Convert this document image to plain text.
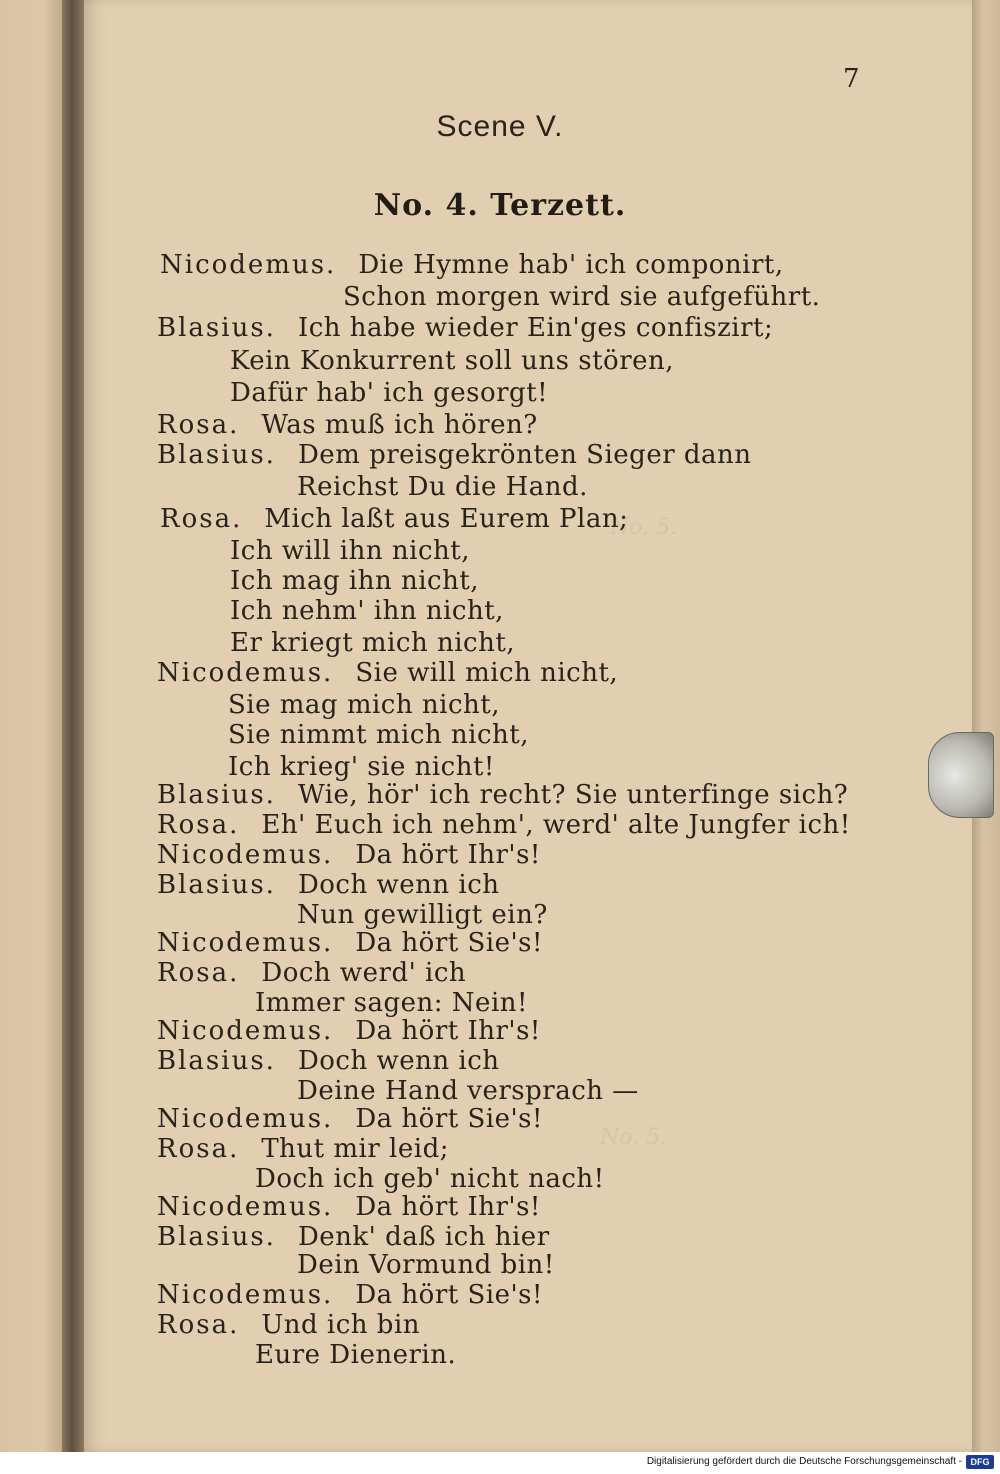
No. 5.
No. 5.
7
Scene V.
No. 4. Terzett.
Nicodemus. Die Hymne hab' ich componirt,
Schon morgen wird sie aufgeführt.
Blasius. Ich habe wieder Ein'ges confiszirt;
Kein Konkurrent soll uns stören,
Dafür hab' ich gesorgt!
Rosa. Was muß ich hören?
Blasius. Dem preisgekrönten Sieger dann
Reichst Du die Hand.
Rosa. Mich laßt aus Eurem Plan;
Ich will ihn nicht,
Ich mag ihn nicht,
Ich nehm' ihn nicht,
Er kriegt mich nicht,
Nicodemus. Sie will mich nicht,
Sie mag mich nicht,
Sie nimmt mich nicht,
Ich krieg' sie nicht!
Blasius. Wie, hör' ich recht? Sie unterfinge sich?
Rosa. Eh' Euch ich nehm', werd' alte Jungfer ich!
Nicodemus. Da hört Ihr's!
Blasius. Doch wenn ich
Nun gewilligt ein?
Nicodemus. Da hört Sie's!
Rosa. Doch werd' ich
Immer sagen: Nein!
Nicodemus. Da hört Ihr's!
Blasius. Doch wenn ich
Deine Hand versprach —
Nicodemus. Da hört Sie's!
Rosa. Thut mir leid;
Doch ich geb' nicht nach!
Nicodemus. Da hört Ihr's!
Blasius. Denk' daß ich hier
Dein Vormund bin!
Nicodemus. Da hört Sie's!
Rosa. Und ich bin
Eure Dienerin.
Digitalisierung gefördert durch die Deutsche Forschungsgemeinschaft - DFG
